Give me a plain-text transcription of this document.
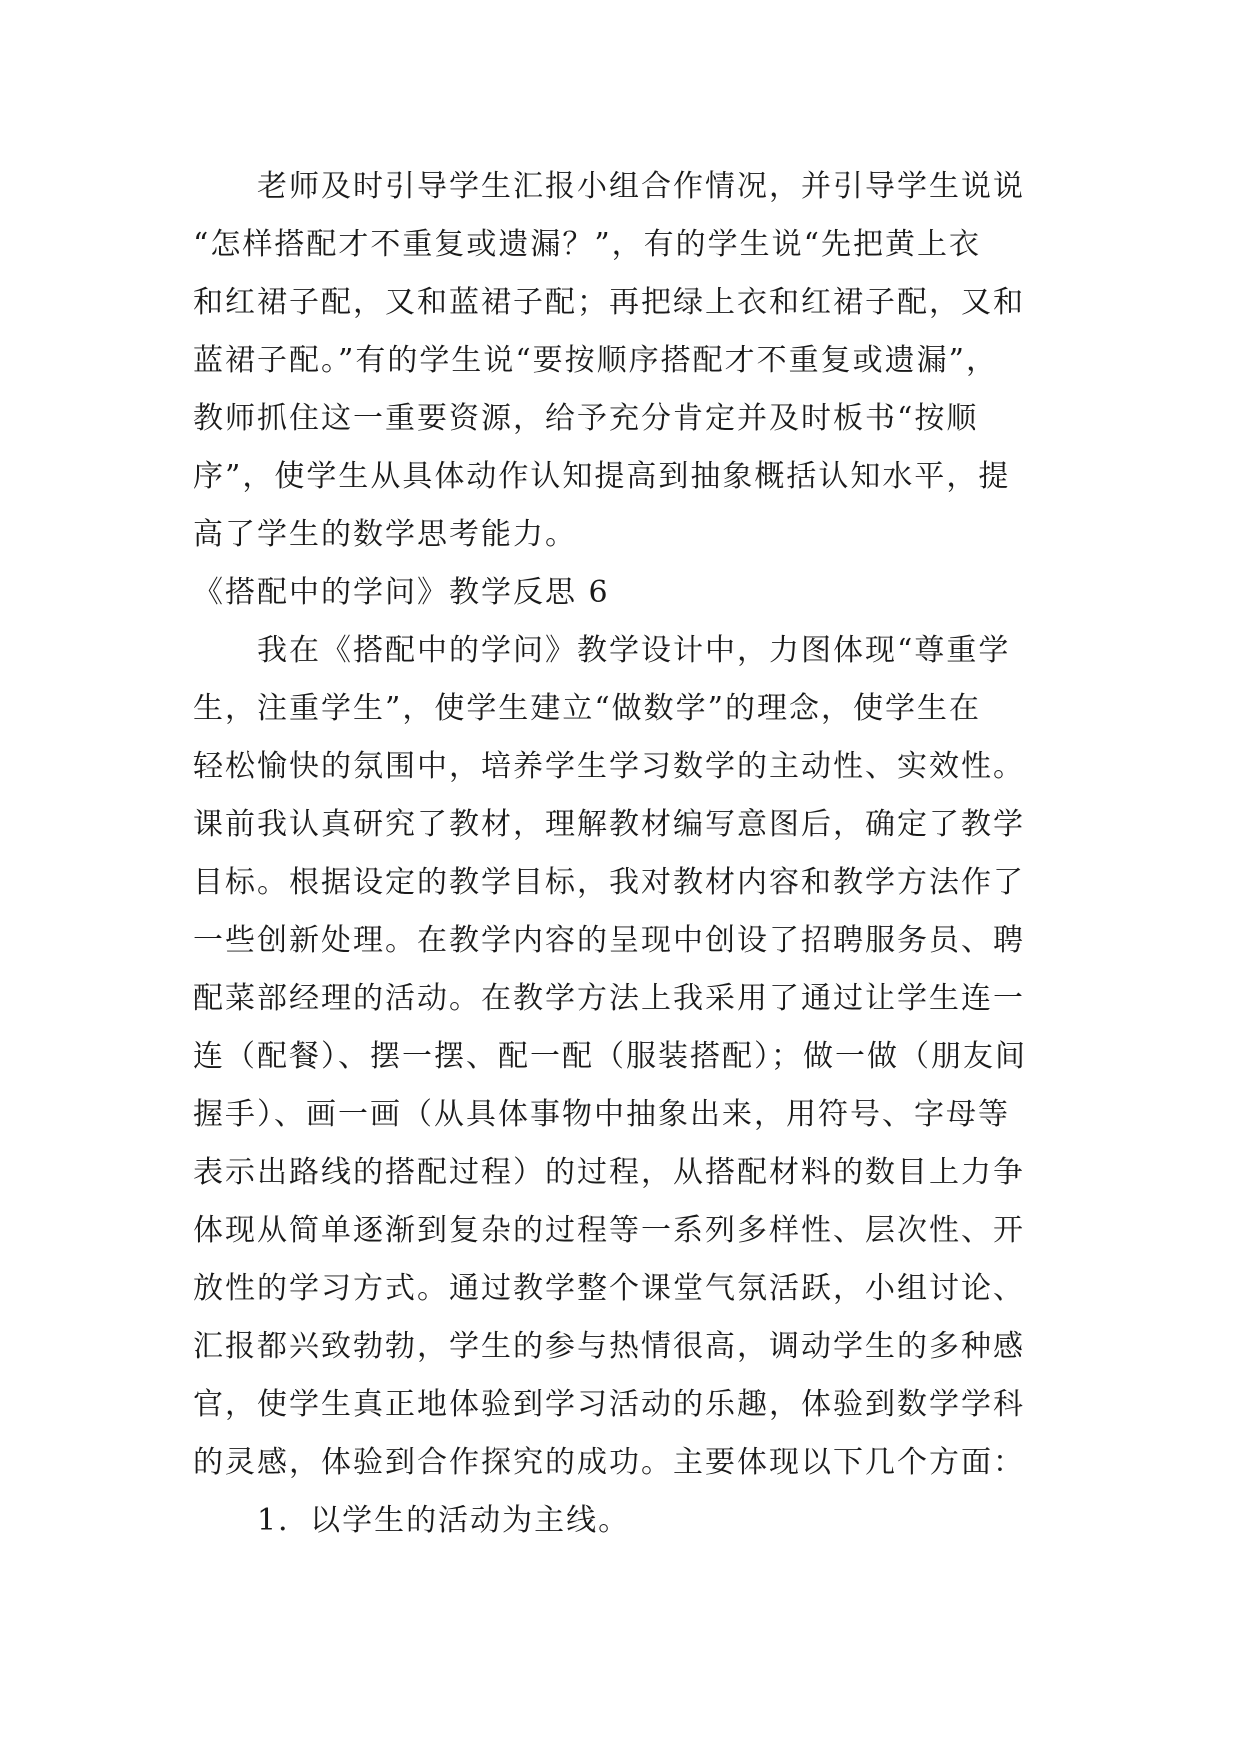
老师及时引导学生汇报小组合作情况，并引导学生说说
“怎样搭配才不重复或遗漏？”，有的学生说“先把黄上衣
和红裙子配，又和蓝裙子配；再把绿上衣和红裙子配，又和
蓝裙子配。”有的学生说“要按顺序搭配才不重复或遗漏”，
教师抓住这一重要资源，给予充分肯定并及时板书“按顺
序”，使学生从具体动作认知提高到抽象概括认知水平，提
高了学生的数学思考能力。
《搭配中的学问》教学反思 6
我在《搭配中的学问》教学设计中，力图体现“尊重学
生，注重学生”，使学生建立“做数学”的理念，使学生在
轻松愉快的氛围中，培养学生学习数学的主动性、实效性。
课前我认真研究了教材，理解教材编写意图后，确定了教学
目标。根据设定的教学目标，我对教材内容和教学方法作了
一些创新处理。在教学内容的呈现中创设了招聘服务员、聘
配菜部经理的活动。在教学方法上我采用了通过让学生连一
连（配餐）、摆一摆、配一配（服装搭配）；做一做（朋友间
握手）、画一画（从具体事物中抽象出来，用符号、字母等
表示出路线的搭配过程）的过程，从搭配材料的数目上力争
体现从简单逐渐到复杂的过程等一系列多样性、层次性、开
放性的学习方式。通过教学整个课堂气氛活跃，小组讨论、
汇报都兴致勃勃，学生的参与热情很高，调动学生的多种感
官，使学生真正地体验到学习活动的乐趣，体验到数学学科
的灵感，体验到合作探究的成功。主要体现以下几个方面：
1．以学生的活动为主线。
